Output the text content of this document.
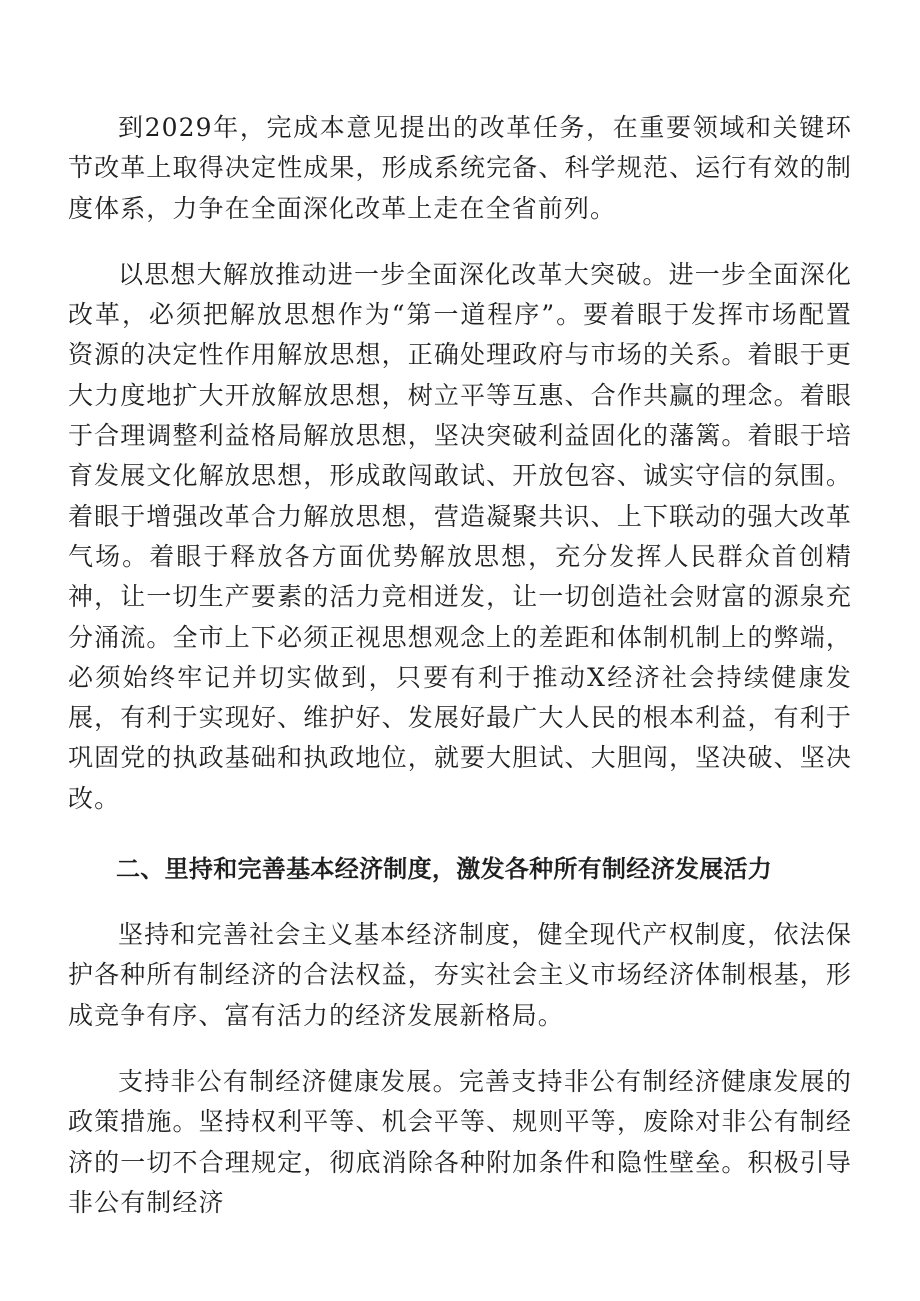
到2029年，完成本意见提出的改革任务，在重要领域和关键环节改革上取得决定性成果，形成系统完备、科学规范、运行有效的制度体系，力争在全面深化改革上走在全省前列。

以思想大解放推动进一步全面深化改革大突破。进一步全面深化改革，必须把解放思想作为“第一道程序”。要着眼于发挥市场配置资源的决定性作用解放思想，正确处理政府与市场的关系。着眼于更大力度地扩大开放解放思想，树立平等互惠、合作共赢的理念。着眼于合理调整利益格局解放思想，坚决突破利益固化的藩篱。着眼于培育发展文化解放思想，形成敢闯敢试、开放包容、诚实守信的氛围。着眼于增强改革合力解放思想，营造凝聚共识、上下联动的强大改革气场。着眼于释放各方面优势解放思想，充分发挥人民群众首创精神，让一切生产要素的活力竞相迸发，让一切创造社会财富的源泉充分涌流。全市上下必须正视思想观念上的差距和体制机制上的弊端，必须始终牢记并切实做到，只要有利于推动X经济社会持续健康发展，有利于实现好、维护好、发展好最广大人民的根本利益，有利于巩固党的执政基础和执政地位，就要大胆试、大胆闯，坚决破、坚决改。

二、里持和完善基本经济制度，激发各种所有制经济发展活力

坚持和完善社会主义基本经济制度，健全现代产权制度，依法保护各种所有制经济的合法权益，夯实社会主义市场经济体制根基，形成竞争有序、富有活力的经济发展新格局。

支持非公有制经济健康发展。完善支持非公有制经济健康发展的政策措施。坚持权利平等、机会平等、规则平等，废除对非公有制经济的一切不合理规定，彻底消除各种附加条件和隐性壁垒。积极引导非公有制经济
